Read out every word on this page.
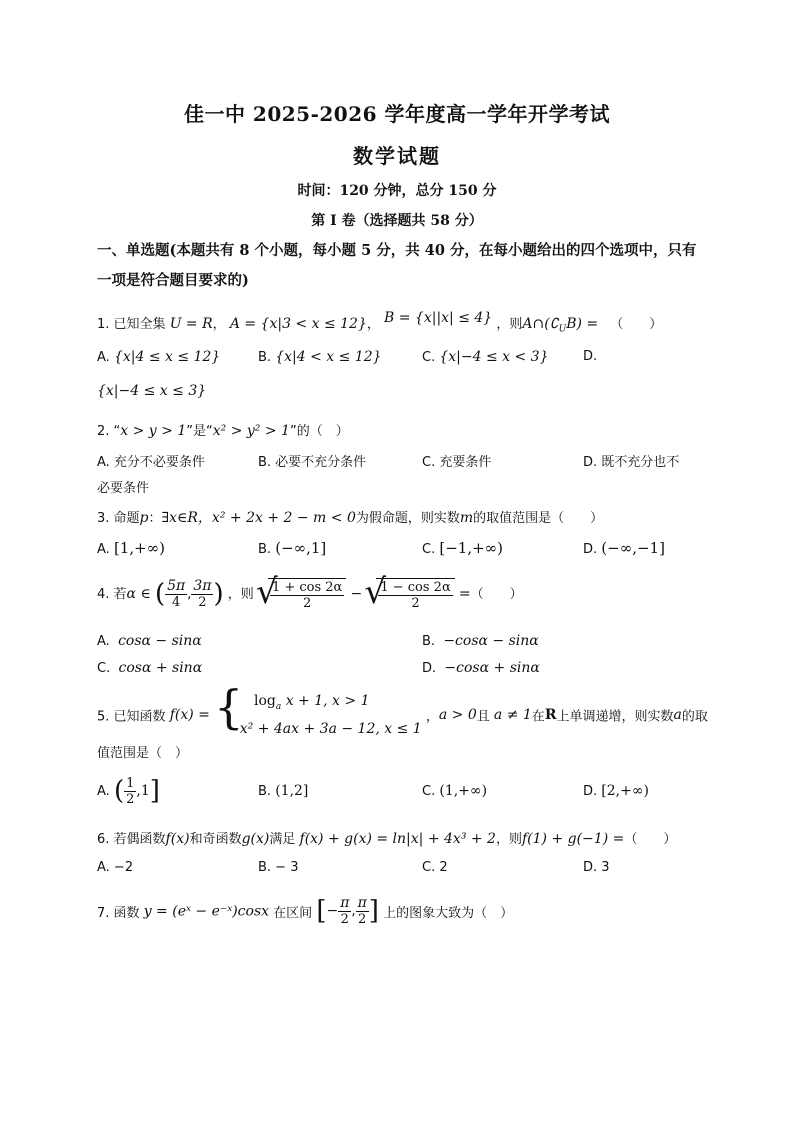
佳一中 2025-2026 学年度高一学年开学考试
数学试题
时间：120 分钟，总分 150 分
第 I 卷（选择题共 58 分）
一、单选题(本题共有 8 个小题，每小题 5 分，共 40 分，在每小题给出的四个选项中，只有一项是符合题目要求的)
1. 已知全集 U = R， A = {x|3 < x ≤ 12}， B = {x||x| ≤ 4} ，则$A\cap(∁_UB)$ = （　　）
A. {x|4 ≤ x ≤ 12}	B. {x|4 < x ≤ 12}	C. {x|−4 ≤ x < 3}	D.
{x|−4 ≤ x ≤ 3}
2. “x > y > 1”是“x² > y² > 1”的（　）
A. 充分不必要条件	B. 必要不充分条件	C. 充要条件	D. 既不充分也不
必要条件
3. 命题p：∃x∈R，x² + 2x + 2 − m < 0为假命题，则实数m的取值范围是（　　）
A. [1,+∞)	B. (−∞,1]	C. [−1,+∞)	D. (−∞,−1]
4. 若α ∈ ( $\frac{5\pi}{4}$ , $\frac{3\pi}{2}$ ) ，则 √
$\frac{1 + \cos 2\alpha}{2}$ − √
$\frac{1 - \cos 2\alpha}{2}$ =（　　）
A. cosα − sinα	B. −cosα − sinα
C. cosα + sinα	D. −cosα + sinα
5. 已知函数 f(x) = { $\log_a x + 1$, x > 1
−x² + 4ax + 3a − 12, x ≤ 1
，a > 0且 a ≠ 1在R上单调递增，则实数a的取
值范围是（　）
A. ( $\frac{1}{2} ,1$]	B. (1,2]	C. (1,+∞)	D. [2,+∞)
6. 若偶函数f(x)和奇函数g(x)满足 f(x) + g(x) = ln|x| + 4x³ + 2，则f(1) + g(−1) =（　　）
A. −2	B. − 3	C. 2	D. 3
7. 函数 y = (eˣ − e⁻ˣ)cosx 在区间 [− $\frac{\pi}{2}$ , $\frac{\pi}{2}$ ] 上的图象大致为（　）
